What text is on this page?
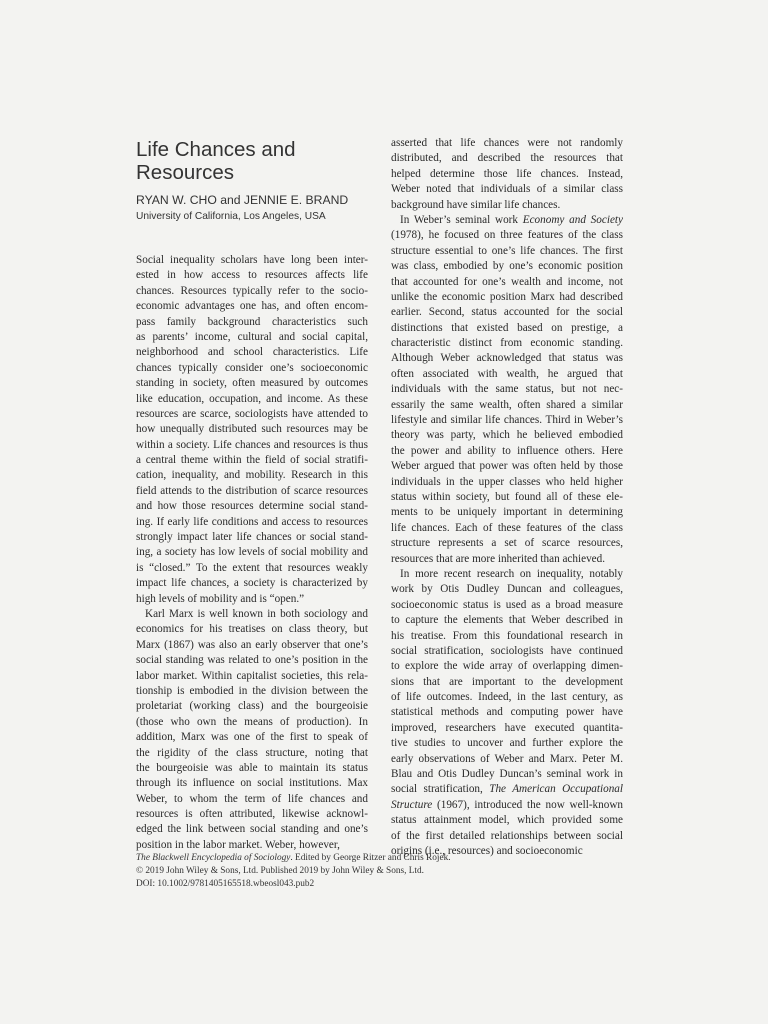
Life Chances and
Resources
RYAN W. CHO and JENNIE E. BRAND
University of California, Los Angeles, USA
Social inequality scholars have long been inter-
ested in how access to resources affects life
chances. Resources typically refer to the socio-
economic advantages one has, and often encom-
pass family background characteristics such
as parents’ income, cultural and social capital,
neighborhood and school characteristics. Life
chances typically consider one’s socioeconomic
standing in society, often measured by outcomes
like education, occupation, and income. As these
resources are scarce, sociologists have attended to
how unequally distributed such resources may be
within a society. Life chances and resources is thus
a central theme within the field of social stratifi-
cation, inequality, and mobility. Research in this
field attends to the distribution of scarce resources
and how those resources determine social stand-
ing. If early life conditions and access to resources
strongly impact later life chances or social stand-
ing, a society has low levels of social mobility and
is “closed.” To the extent that resources weakly
impact life chances, a society is characterized by
high levels of mobility and is “open.”
Karl Marx is well known in both sociology and
economics for his treatises on class theory, but
Marx (1867) was also an early observer that one’s
social standing was related to one’s position in the
labor market. Within capitalist societies, this rela-
tionship is embodied in the division between the
proletariat (working class) and the bourgeoisie
(those who own the means of production). In
addition, Marx was one of the first to speak of
the rigidity of the class structure, noting that
the bourgeoisie was able to maintain its status
through its influence on social institutions. Max
Weber, to whom the term of life chances and
resources is often attributed, likewise acknowl-
edged the link between social standing and one’s
position in the labor market. Weber, however,
asserted that life chances were not randomly
distributed, and described the resources that
helped determine those life chances. Instead,
Weber noted that individuals of a similar class
background have similar life chances.
In Weber’s seminal work Economy and Society
(1978), he focused on three features of the class
structure essential to one’s life chances. The first
was class, embodied by one’s economic position
that accounted for one’s wealth and income, not
unlike the economic position Marx had described
earlier. Second, status accounted for the social
distinctions that existed based on prestige, a
characteristic distinct from economic standing.
Although Weber acknowledged that status was
often associated with wealth, he argued that
individuals with the same status, but not nec-
essarily the same wealth, often shared a similar
lifestyle and similar life chances. Third in Weber’s
theory was party, which he believed embodied
the power and ability to influence others. Here
Weber argued that power was often held by those
individuals in the upper classes who held higher
status within society, but found all of these ele-
ments to be uniquely important in determining
life chances. Each of these features of the class
structure represents a set of scarce resources,
resources that are more inherited than achieved.
In more recent research on inequality, notably
work by Otis Dudley Duncan and colleagues,
socioeconomic status is used as a broad measure
to capture the elements that Weber described in
his treatise. From this foundational research in
social stratification, sociologists have continued
to explore the wide array of overlapping dimen-
sions that are important to the development
of life outcomes. Indeed, in the last century, as
statistical methods and computing power have
improved, researchers have executed quantita-
tive studies to uncover and further explore the
early observations of Weber and Marx. Peter M.
Blau and Otis Dudley Duncan’s seminal work in
social stratification, The American Occupational
Structure (1967), introduced the now well-known
status attainment model, which provided some
of the first detailed relationships between social
origins (i.e., resources) and socioeconomic
The Blackwell Encyclopedia of Sociology. Edited by George Ritzer and Chris Rojek.
© 2019 John Wiley & Sons, Ltd. Published 2019 by John Wiley & Sons, Ltd.
DOI: 10.1002/9781405165518.wbeosl043.pub2
